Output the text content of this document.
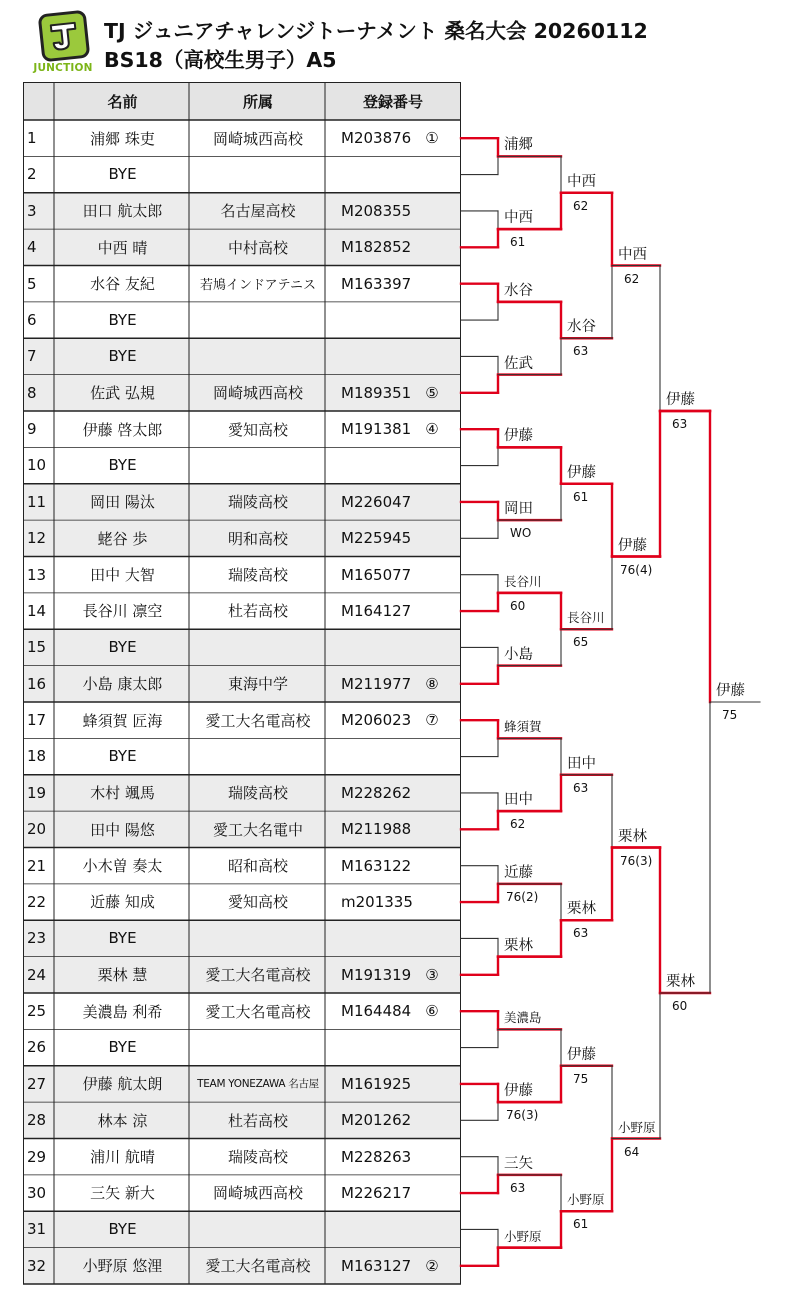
JUNCTION
TJ ジュニアチャレンジトーナメント 桑名大会 20260112
BS18（高校生男子）A5
名前	所属	登録番号
1	浦郷 珠吏	岡崎城西高校	M203876 ①
2	BYE
3	田口 航太郎	名古屋高校	M208355
4	中西 晴	中村高校	M182852
5	水谷 友紀	若鳩インドアテニス	M163397
6	BYE
7	BYE
8	佐武 弘規	岡崎城西高校	M189351 ⑤
9	伊藤 啓太郎	愛知高校	M191381 ④
10	BYE
11	岡田 陽汰	瑞陵高校	M226047
12	蛯谷 歩	明和高校	M225945
13	田中 大智	瑞陵高校	M165077
14	長谷川 凛空	杜若高校	M164127
15	BYE
16	小島 康太郎	東海中学	M211977 ⑧
17	蜂須賀 匠海	愛工大名電高校	M206023 ⑦
18	BYE
19	木村 颯馬	瑞陵高校	M228262
20	田中 陽悠	愛工大名電中	M211988
21	小木曽 奏太	昭和高校	M163122
22	近藤 知成	愛知高校	m201335
23	BYE
24	栗林 慧	愛工大名電高校	M191319 ③
25	美濃島 利希	愛工大名電高校	M164484 ⑥
26	BYE
27	伊藤 航太朗	TEAM YONEZAWA 名古屋	M161925
28	林本 涼	杜若高校	M201262
29	浦川 航晴	瑞陵高校	M228263
30	三矢 新大	岡崎城西高校	M226217
31	BYE
32	小野原 悠浬	愛工大名電高校	M163127 ②
浦郷
中西
61
水谷
佐武
伊藤
岡田
WO
長谷川
60
小島
蜂須賀
田中
62
近藤
76(2)
栗林
美濃島
伊藤
76(3)
三矢
63
小野原
中西
62
水谷
63
伊藤
61
長谷川
65
田中
63
栗林
63
伊藤
75
小野原
61
中西
62
伊藤
76(4)
栗林
76(3)
小野原
64
伊藤
63
栗林
60
伊藤
75
